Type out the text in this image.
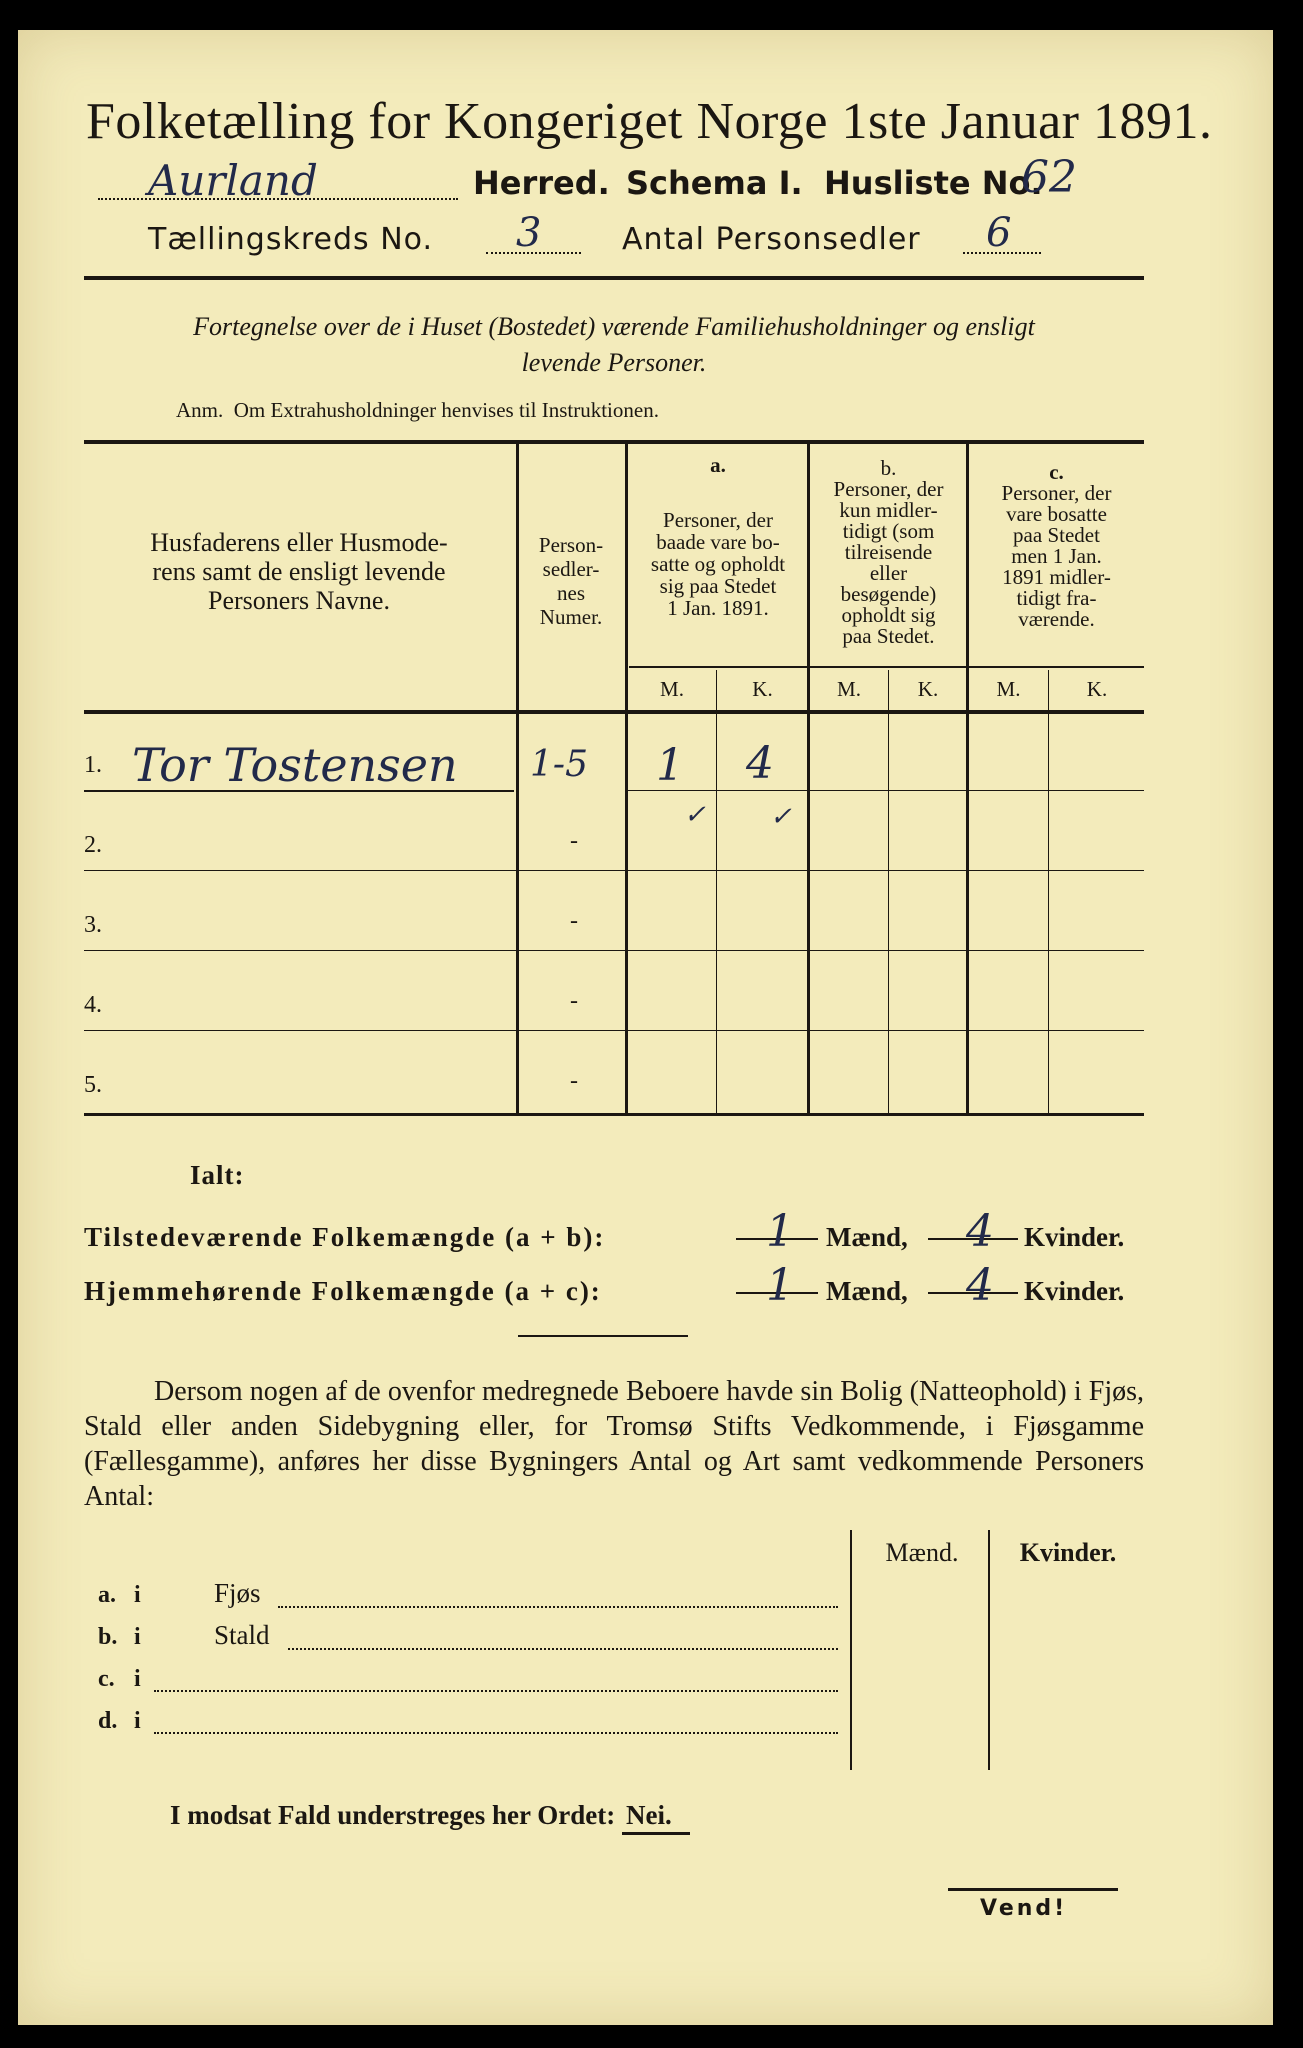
Folketælling for Kongeriget Norge 1ste Januar 1891.
Aurland	Herred. Schema I. Husliste No.
62
Tællingskreds No. 3	Antal Personsedler 6
Fortegnelse over de i Huset (Bostedet) værende Familiehusholdninger og ensligt
levende Personer.
Anm.  Om Extrahusholdninger henvises til Instruktionen.
Husfaderens eller Husmode-
rens samt de ensligt levende
Personers Navne.
Person-
sedler-
nes
Numer.
a.
Personer, der
baade vare bo-
satte og opholdt
sig paa Stedet
1 Jan. 1891.
b.
Personer, der
kun midler-
tidigt (som
tilreisende
eller
besøgende)
opholdt sig
paa Stedet.
c.
Personer, der
vare bosatte
paa Stedet
men 1 Jan.
1891 midler-
tidigt fra-
værende.
M.	K.	M.	K.	M.	K.
1. Tor Tostensen 1-5 1 4
✓ ✓
2.	-
3.	-
4.	-
5.	-
Ialt:
Tilstedeværende Folkemængde (a + b):	1 Mænd, 4 Kvinder.
Hjemmehørende Folkemængde (a + c):	1 Mænd, 4 Kvinder.
Dersom nogen af de ovenfor medregnede Beboere havde sin Bolig (Natteophold) i Fjøs, Stald eller anden Sidebygning eller, for Tromsø Stifts Vedkommende, i Fjøsgamme (Fællesgamme), anføres her disse Bygningers Antal og Art samt vedkommende Personers Antal:
Mænd.	Kvinder.
a. i	Fjøs
b. i	Stald
c. i
d. i
I modsat Fald understreges her Ordet: Nei.
Vend!
